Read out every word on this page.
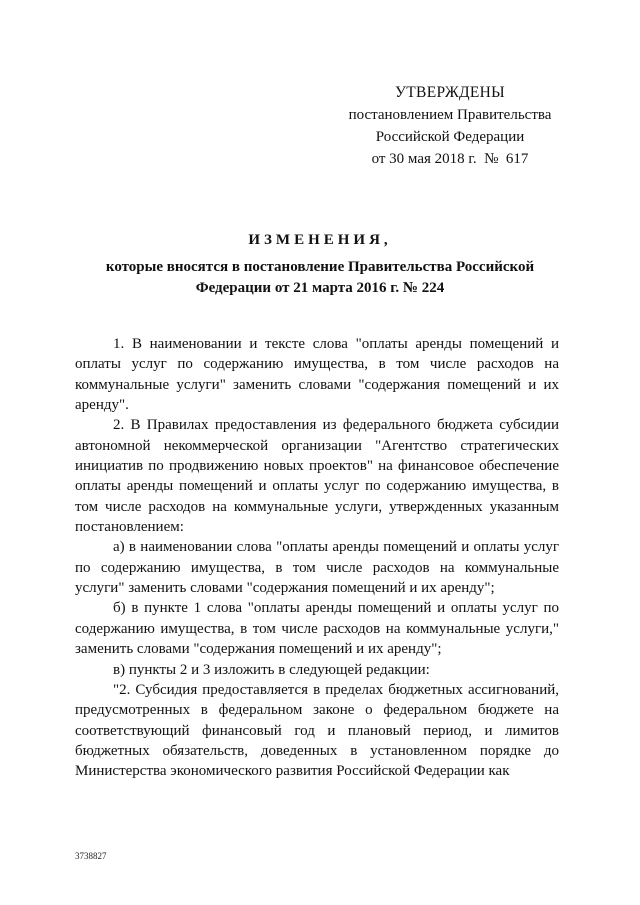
УТВЕРЖДЕНЫ
постановлением Правительства
Российской Федерации
от 30 мая 2018 г.  №  617
ИЗМЕНЕНИЯ,
которые вносятся в постановление Правительства Российской Федерации от 21 марта 2016 г. № 224

1. В наименовании и тексте слова "оплаты аренды помещений и оплаты услуг по содержанию имущества, в том числе расходов на коммунальные услуги" заменить словами "содержания помещений и их аренду".

2. В Правилах предоставления из федерального бюджета субсидии автономной некоммерческой организации "Агентство стратегических инициатив по продвижению новых проектов" на финансовое обеспечение оплаты аренды помещений и оплаты услуг по содержанию имущества, в том числе расходов на коммунальные услуги, утвержденных указанным постановлением:

а) в наименовании слова "оплаты аренды помещений и оплаты услуг по содержанию имущества, в том числе расходов на коммунальные услуги" заменить словами "содержания помещений и их аренду";

б) в пункте 1 слова "оплаты аренды помещений и оплаты услуг по содержанию имущества, в том числе расходов на коммунальные услуги," заменить словами "содержания помещений и их аренду";

в) пункты 2 и 3 изложить в следующей редакции:

"2. Субсидия предоставляется в пределах бюджетных ассигнований, предусмотренных в федеральном законе о федеральном бюджете на соответствующий финансовый год и плановый период, и лимитов бюджетных обязательств, доведенных в установленном порядке до Министерства экономического развития Российской Федерации как

3738827
